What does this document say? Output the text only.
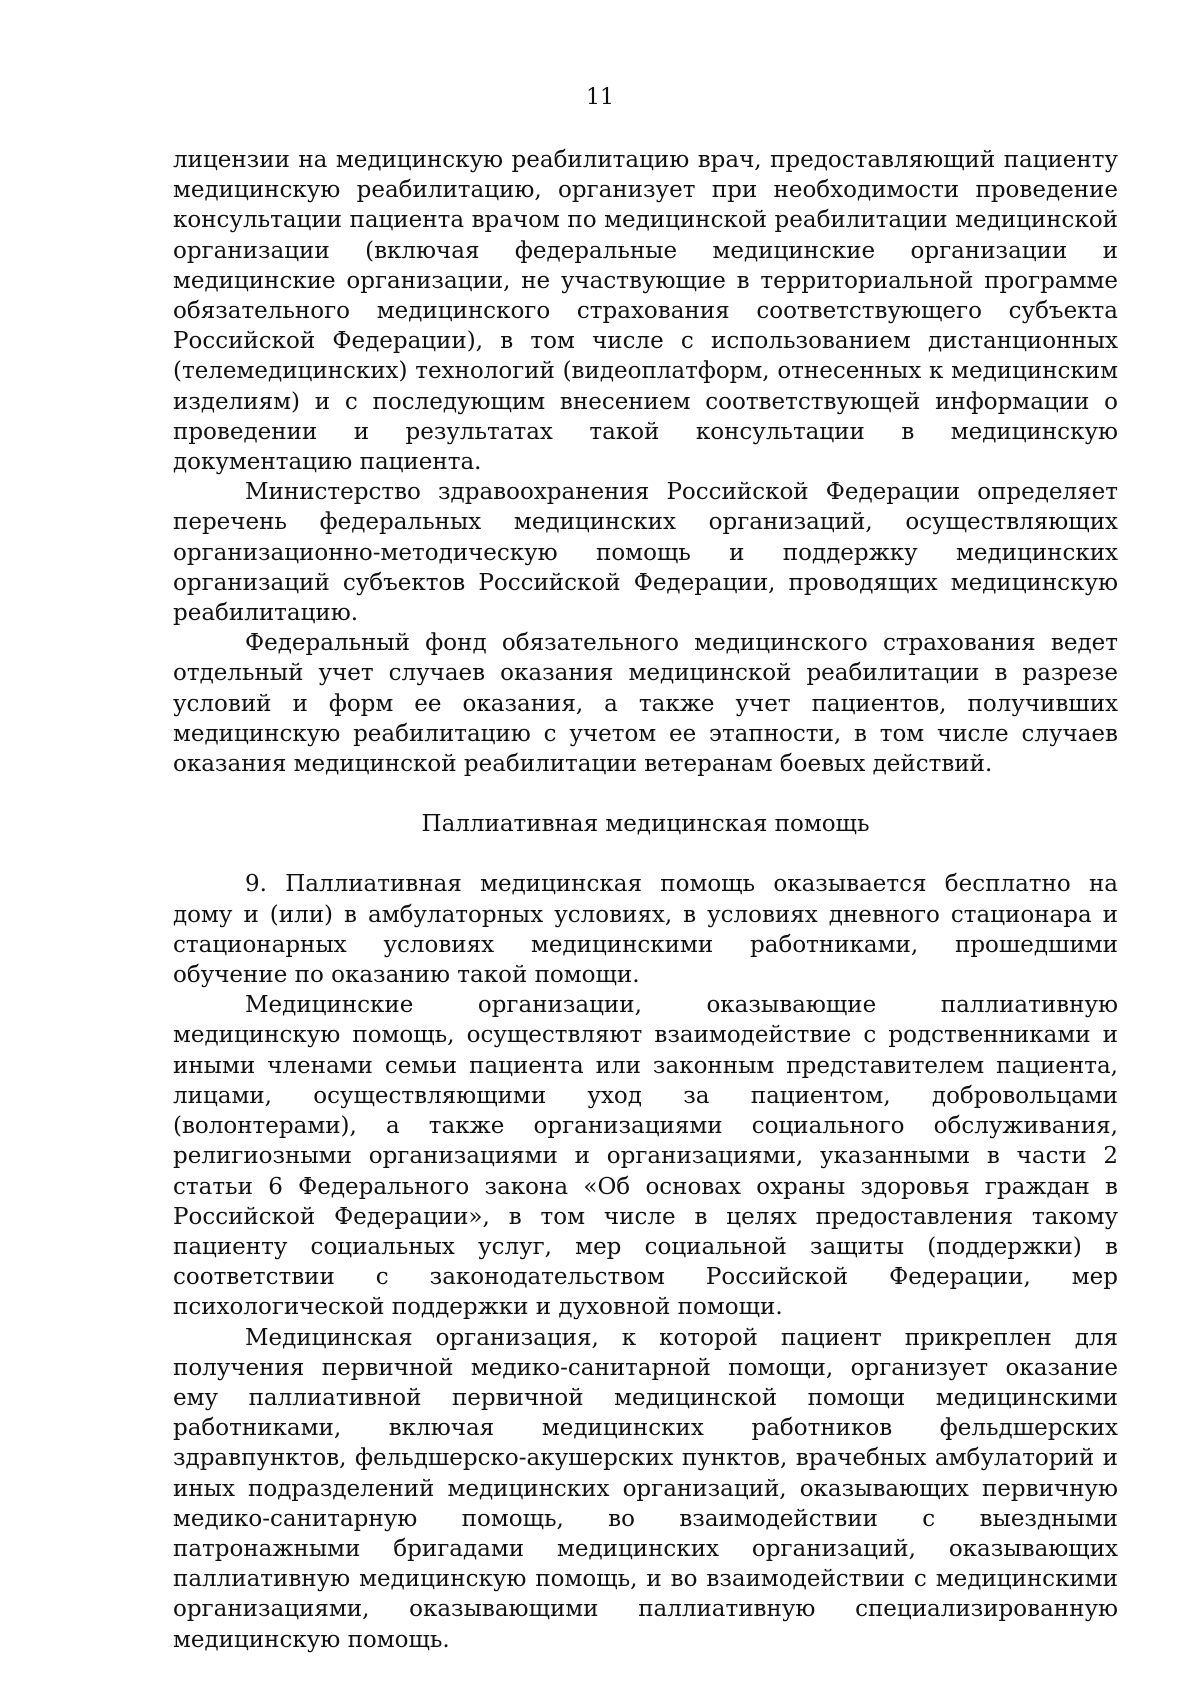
11

лицензии на медицинскую реабилитацию врач, предоставляющий пациенту медицинскую реабилитацию, организует при необходимости проведение консультации пациента врачом по медицинской реабилитации медицинской организации (включая федеральные медицинские организации и медицинские организации, не участвующие в территориальной программе обязательного медицинского страхования соответствующего субъекта Российской Федерации), в том числе с использованием дистанционных (телемедицинских) технологий (видеоплатформ, отнесенных к медицинским изделиям) и с последующим внесением соответствующей информации о проведении и результатах такой консультации в медицинскую документацию пациента.

Министерство здравоохранения Российской Федерации определяет перечень федеральных медицинских организаций, осуществляющих организационно-методическую помощь и поддержку медицинских организаций субъектов Российской Федерации, проводящих медицинскую реабилитацию.

Федеральный фонд обязательного медицинского страхования ведет отдельный учет случаев оказания медицинской реабилитации в разрезе условий и форм ее оказания, а также учет пациентов, получивших медицинскую реабилитацию с учетом ее этапности, в том числе случаев оказания медицинской реабилитации ветеранам боевых действий.

Паллиативная медицинская помощь

9. Паллиативная медицинская помощь оказывается бесплатно на дому и (или) в амбулаторных условиях, в условиях дневного стационара и стационарных условиях медицинскими работниками, прошедшими обучение по оказанию такой помощи.

Медицинские организации, оказывающие паллиативную медицинскую помощь, осуществляют взаимодействие с родственниками и иными членами семьи пациента или законным представителем пациента, лицами, осуществляющими уход за пациентом, добровольцами (волонтерами), а также организациями социального обслуживания, религиозными организациями и организациями, указанными в части 2 статьи 6 Федерального закона «Об основах охраны здоровья граждан в Российской Федерации», в том числе в целях предоставления такому пациенту социальных услуг, мер социальной защиты (поддержки) в соответствии с законодательством Российской Федерации, мер психологической поддержки и духовной помощи.

Медицинская организация, к которой пациент прикреплен для получения первичной медико-санитарной помощи, организует оказание ему паллиативной первичной медицинской помощи медицинскими работниками, включая медицинских работников фельдшерских здравпунктов, фельдшерско-акушерских пунктов, врачебных амбулаторий и иных подразделений медицинских организаций, оказывающих первичную медико-санитарную помощь, во взаимодействии с выездными патронажными бригадами медицинских организаций, оказывающих паллиативную медицинскую помощь, и во взаимодействии с медицинскими организациями, оказывающими паллиативную специализированную медицинскую помощь.
